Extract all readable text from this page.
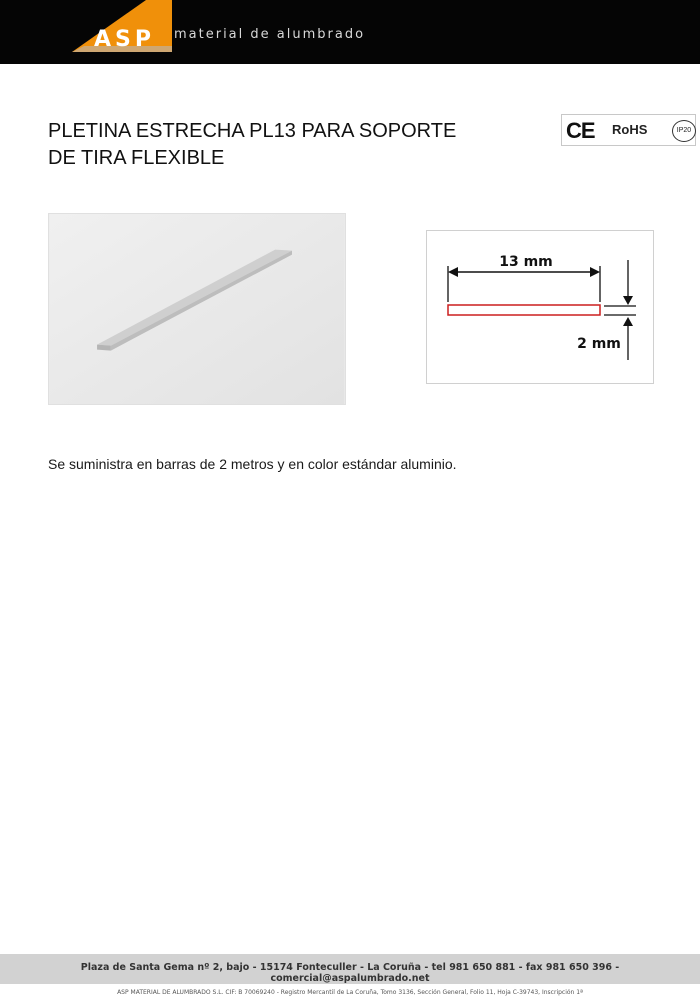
ASP material de alumbrado
PLETINA ESTRECHA PL13 PARA SOPORTE
DE TIRA FLEXIBLE
CE RoHS	IP20
13 mm
2 mm

Se suministra en barras de 2 metros y en color estándar aluminio.

Plaza de Santa Gema nº 2, bajo - 15174 Fonteculler - La Coruña - tel 981 650 881 - fax 981 650 396 - comercial@aspalumbrado.net
ASP MATERIAL DE ALUMBRADO S.L. CIF: B 70069240 - Registro Mercantil de La Coruña, Tomo 3136, Sección General, Folio 11, Hoja C-39743, Inscripción 1ª
